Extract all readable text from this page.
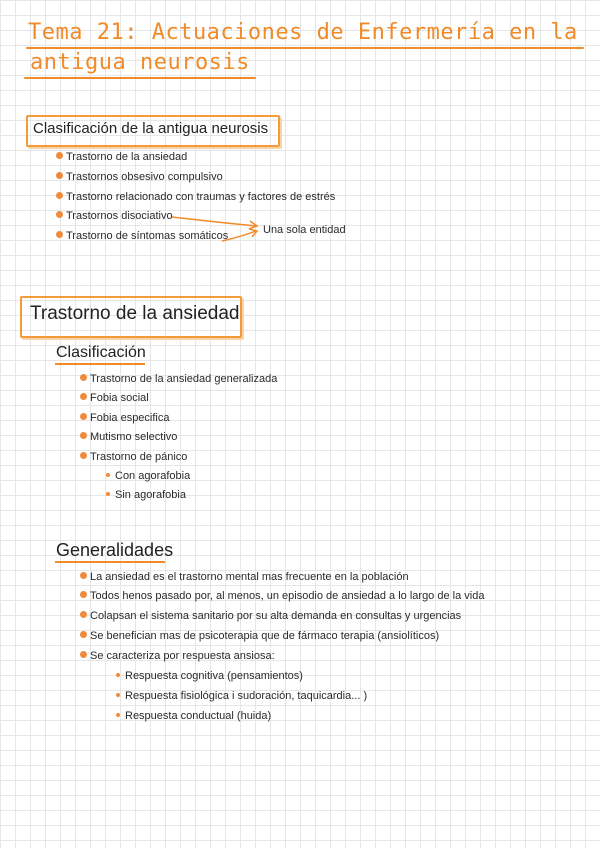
Tema 21: Actuaciones de Enfermería en la
antigua neurosis
Clasificación de la antigua neurosis
Trastorno de la ansiedad
Trastornos obsesivo compulsivo
Trastorno relacionado con traumas y factores de estrés
Trastornos disociativo
Trastorno de síntomas somáticos	Una sola entidad
Trastorno de la ansiedad
Clasificación
Trastorno de la ansiedad generalizada
Fobia social
Fobia especifica
Mutismo selectivo
Trastorno de pánico
Con agorafobia
Sin agorafobia
Generalidades
La ansiedad es el trastorno mental mas frecuente en la población
Todos henos pasado por, al menos, un episodio de ansiedad a lo largo de la vida
Colapsan el sistema sanitario por su alta demanda en consultas y urgencias
Se benefician mas de psicoterapia que de fármaco terapia (ansiolíticos)
Se caracteriza por respuesta ansiosa:
Respuesta cognitiva (pensamientos)
Respuesta fisiológica i sudoración, taquicardia... )
Respuesta conductual (huida)
